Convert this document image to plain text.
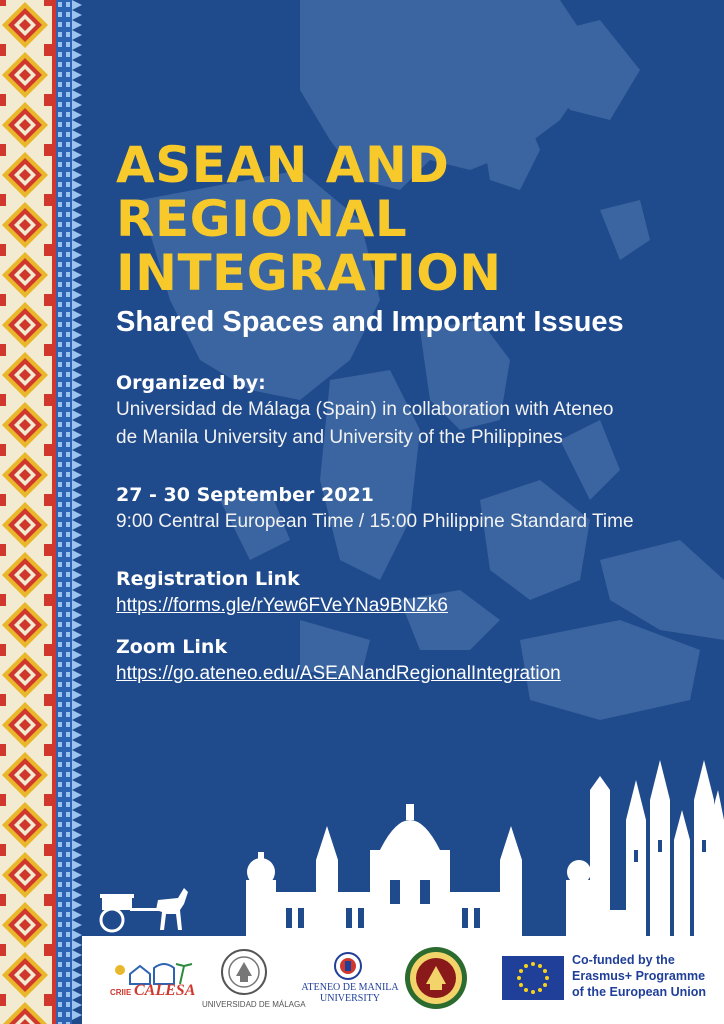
ASEAN AND
REGIONAL
INTEGRATION
Shared Spaces and Important Issues
Organized by:
Universidad de Málaga (Spain) in collaboration with Ateneo
de Manila University and University of the Philippines
27 - 30 September 2021
9:00 Central European Time / 15:00 Philippine Standard Time
Registration Link
https://forms.gle/rYew6FVeYNa9BNZk6
Zoom Link
https://go.ateneo.edu/ASEANandRegionalIntegration
CRIIE CALESA
UNIVERSIDAD DE MÁLAGA
ATENEO DE MANILA
UNIVERSITY
Co-funded by the
Erasmus+ Programme
of the European Union
